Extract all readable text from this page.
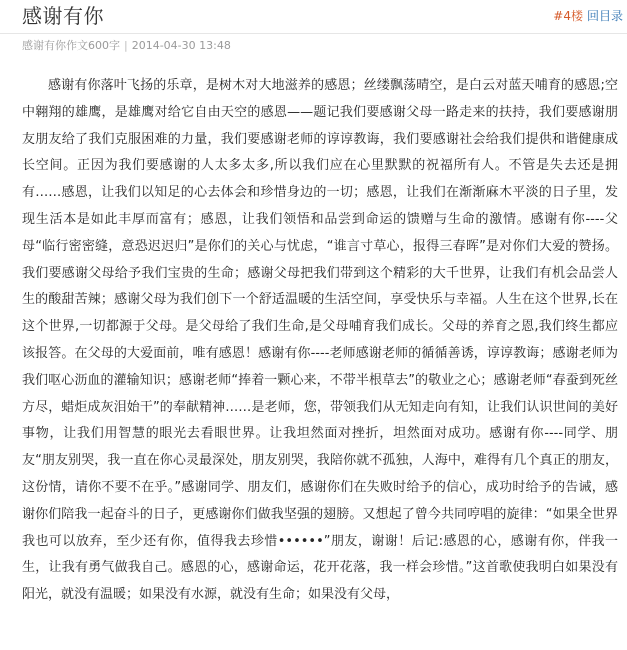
感谢有你	#4楼 回目录
感谢有你作文600字 | 2014-04-30 13:48

感谢有你落叶飞扬的乐章，是树木对大地滋养的感恩；丝缕飘荡晴空，是白云对蓝天哺育的感恩;空中翱翔的雄鹰，是雄鹰对给它自由天空的感恩——题记我们要感谢父母一路走来的扶持，我们要感谢朋友朋友给了我们克服困难的力量，我们要感谢老师的谆谆教诲，我们要感谢社会给我们提供和谐健康成长空间。正因为我们要感谢的人太多太多,所以我们应在心里默默的祝福所有人。不管是失去还是拥有……感恩，让我们以知足的心去体会和珍惜身边的一切；感恩，让我们在渐渐麻木平淡的日子里，发现生活本是如此丰厚而富有；感恩，让我们领悟和品尝到命运的馈赠与生命的激情。感谢有你----父母“临行密密缝，意恐迟迟归”是你们的关心与忧虑，“谁言寸草心，报得三春晖”是对你们大爱的赞扬。我们要感谢父母给予我们宝贵的生命；感谢父母把我们带到这个精彩的大千世界，让我们有机会品尝人生的酸甜苦辣；感谢父母为我们创下一个舒适温暖的生活空间，享受快乐与幸福。人生在这个世界,长在这个世界,一切都源于父母。是父母给了我们生命,是父母哺育我们成长。父母的养育之恩,我们终生都应该报答。在父母的大爱面前，唯有感恩！感谢有你----老师感谢老师的循循善诱，谆谆教诲；感谢老师为我们呕心沥血的灌输知识；感谢老师“捧着一颗心来，不带半根草去”的敬业之心；感谢老师“春蚕到死丝方尽，蜡炬成灰泪始干”的奉献精神……是老师，您，带领我们从无知走向有知，让我们认识世间的美好事物，让我们用智慧的眼光去看眼世界。让我坦然面对挫折，坦然面对成功。感谢有你----同学、朋友“朋友别哭，我一直在你心灵最深处，朋友别哭，我陪你就不孤独，人海中，难得有几个真正的朋友，这份情，请你不要不在乎。”感谢同学、朋友们，感谢你们在失败时给予的信心，成功时给予的告诫，感谢你们陪我一起奋斗的日子，更感谢你们做我坚强的翅膀。又想起了曾今共同哼唱的旋律：“如果全世界我也可以放弃，至少还有你，值得我去珍惜••••••”朋友，谢谢！后记:感恩的心，感谢有你，伴我一生，让我有勇气做我自己。感恩的心，感谢命运，花开花落，我一样会珍惜。”这首歌使我明白如果没有阳光，就没有温暖；如果没有水源，就没有生命；如果没有父母，
